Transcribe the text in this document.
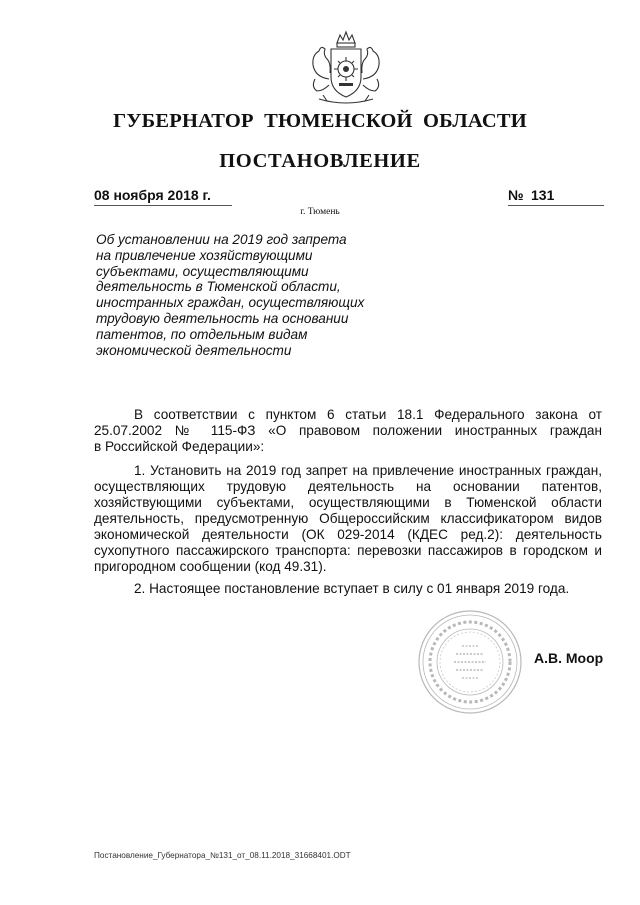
ГУБЕРНАТОР ТЮМЕНСКОЙ ОБЛАСТИ
ПОСТАНОВЛЕНИЕ
08 ноября 2018 г.	№ 131
г. Тюмень
Об установлении на 2019 год запрета
на привлечение хозяйствующими
субъектами, осуществляющими
деятельность в Тюменской области,
иностранных граждан, осуществляющих
трудовую деятельность на основании
патентов, по отдельным видам
экономической деятельности
В соответствии с пунктом 6 статьи 18.1 Федерального закона от
25.07.2002 № 115-ФЗ «О правовом положении иностранных граждан
в Российской Федерации»:
1. Установить на 2019 год запрет на привлечение иностранных граждан,
осуществляющих трудовую деятельность на основании патентов,
хозяйствующими субъектами, осуществляющими в Тюменской области
деятельность, предусмотренную Общероссийским классификатором видов
экономической деятельности (ОК 029-2014 (КДЕС ред.2): деятельность
сухопутного пассажирского транспорта: перевозки пассажиров в городском и
пригородном сообщении (код 49.31).
2. Настоящее постановление вступает в силу с 01 января 2019 года.
А.В. Моор
Постановление_Губернатора_№131_от_08.11.2018_31668401.ODT
